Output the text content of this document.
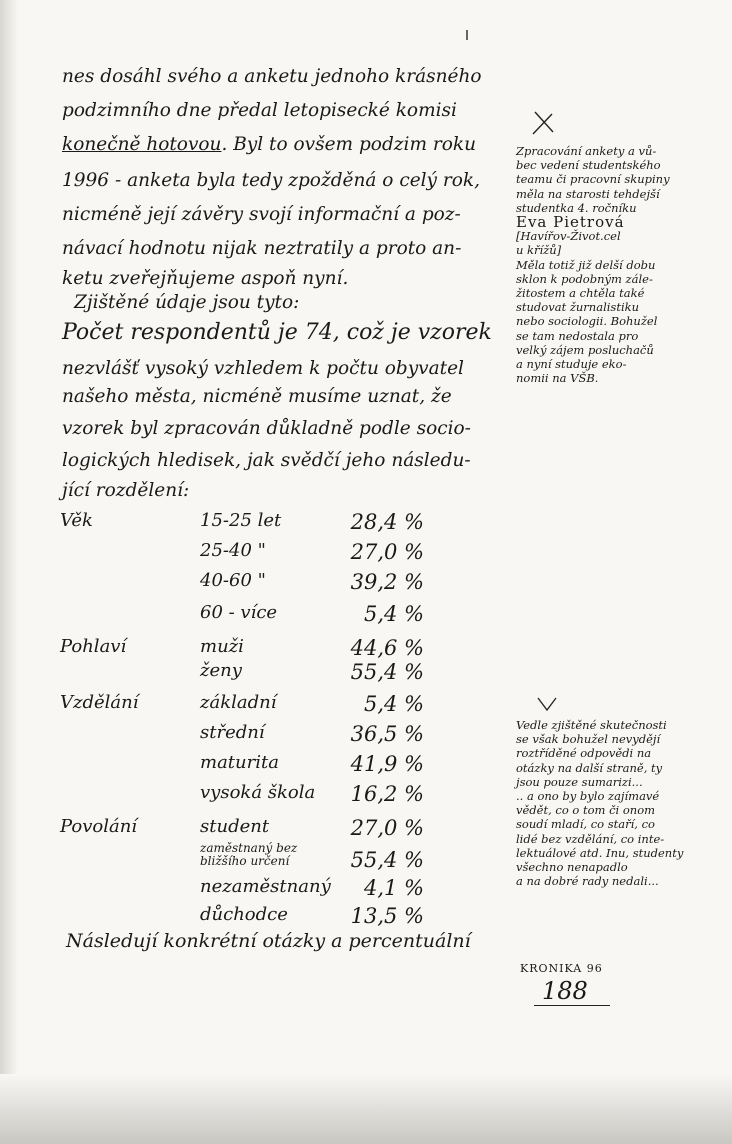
nes dosáhl svého a anketu jednoho krásného
podzimního dne předal letopisecké komisi
konečně hotovou. Byl to ovšem podzim roku
1996 - anketa byla tedy zpožděná o celý rok,
nicméně její závěry svojí informační a poz-
návací hodnotu nijak neztratily a proto an-
ketu zveřejňujeme aspoň nyní.
Zjištěné údaje jsou tyto:
Počet respondentů je 74, což je vzorek
nezvlášť vysoký vzhledem k počtu obyvatel
našeho města, nicméně musíme uznat, že
vzorek byl zpracován důkladně podle socio-
logických hledisek, jak svědčí jeho následu-
jící rozdělení:
Věk	15-25 let	28,4 %
25-40 "	27,0 %
40-60 "	39,2 %
60 - více	5,4 %
Pohlaví	muži	44,6 %
ženy	55,4 %
Vzdělání	základní	5,4 %
střední	36,5 %
maturita	41,9 %
vysoká škola 16,2 %
Povolání	student	27,0 %
zaměstnaný bez bližšího určení	55,4 %
nezaměstnaný 4,1 %
důchodce	13,5 %
Následují konkrétní otázky a percentuální
Zpracování ankety a vů-
bec vedení studentského
teamu či pracovní skupiny
měla na starosti tehdejší
studentka 4. ročníku
Eva Pietrová
[Havířov-Život.cel
u křížů]
Měla totiž již delší dobu
sklon k podobným zále-
žitostem a chtěla také
studovat žurnalistiku
nebo sociologii. Bohužel
se tam nedostala pro
velký zájem posluchačů
a nyní studuje eko-
nomii na VŠB.
Vedle zjištěné skutečnosti
se však bohužel nevydějí
roztříděné odpovědi na
otázky na další straně, ty
jsou pouze sumarizi...
.. a ono by bylo zajímavé
vědět, co o tom či onom
soudí mladí, co staří, co
lidé bez vzdělání, co inte-
lektuálové atd. Inu, studenty
všechno nenapadlo
a na dobré rady nedali...
KRONIKA 96
188
